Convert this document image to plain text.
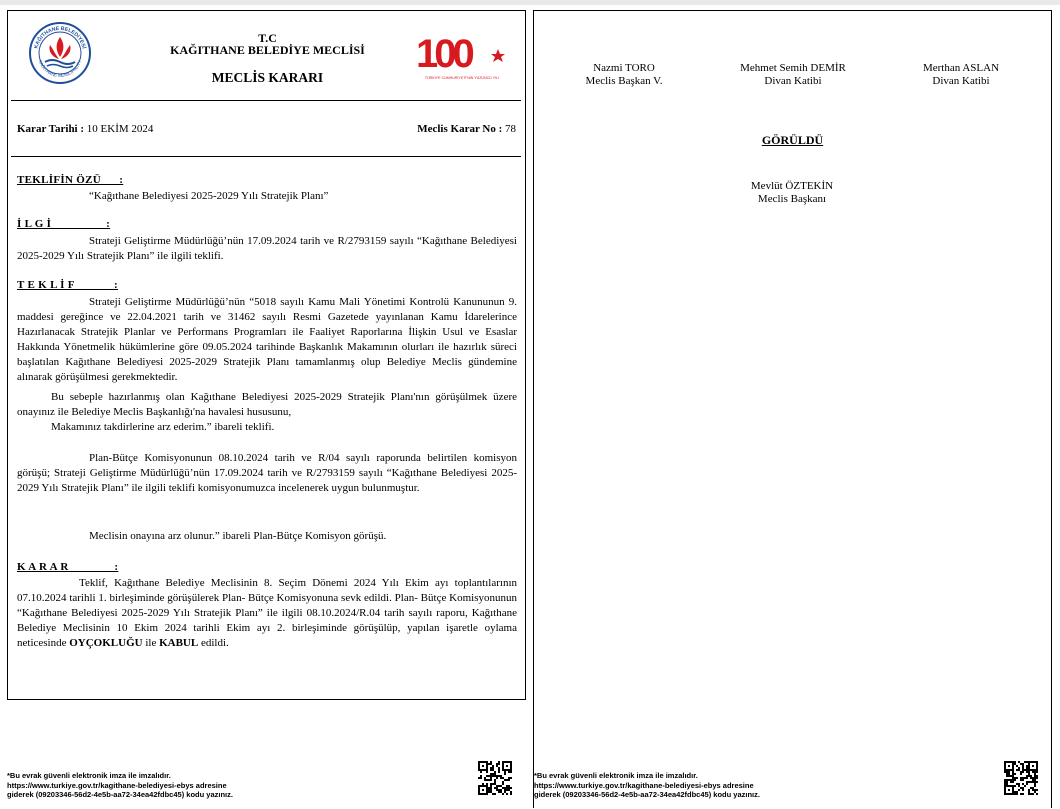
KAĞITHANE BELEDİYESİ
KAĞITHANE MUNICIPALITY
T.C
KAĞITHANE BELEDİYE MECLİSİ
MECLİS KARARI
100
TÜRKİYE CUMHURİYETİ'NİN YÜZÜNCÜ YILI
Karar Tarihi : 10 EKİM 2024	Meclis Karar No : 78
TEKLİFİN ÖZÜ      :

“Kağıthane Belediyesi 2025-2029 Yılı Stratejik Planı”

İ L G İ                  :

Strateji Geliştirme Müdürlüğü’nün 17.09.2024 tarih ve R/2793159 sayılı “Kağıthane Belediyesi 2025-2029 Yılı Stratejik Planı” ile ilgili teklifi.

T E K L İ F             :

Strateji Geliştirme Müdürlüğü’nün “5018 sayılı Kamu Mali Yönetimi Kontrolü Kanununun 9. maddesi gereğince ve 22.04.2021 tarih ve 31462 sayılı Resmi Gazetede yayınlanan Kamu İdarelerince Hazırlanacak Stratejik Planlar ve Performans Programları ile Faaliyet Raporlarına İlişkin Usul ve Esaslar Hakkında Yönetmelik hükümlerine göre 09.05.2024 tarihinde Başkanlık Makamının olurları ile hazırlık süreci başlatılan Kağıthane Belediyesi 2025-2029 Stratejik Planı tamamlanmış olup Belediye Meclis gündemine alınarak görüşülmesi gerekmektedir.

Bu sebeple hazırlanmış olan Kağıthane Belediyesi 2025-2029 Stratejik Planı'nın görüşülmek üzere onayınız ile Belediye Meclis Başkanlığı'na havalesi hususunu,

Makamınız takdirlerine arz ederim.” ibareli teklifi.

Plan-Bütçe Komisyonunun 08.10.2024 tarih ve R/04 sayılı raporunda belirtilen komisyon görüşü; Strateji Geliştirme Müdürlüğü’nün 17.09.2024 tarih ve R/2793159 sayılı “Kağıthane Belediyesi 2025-2029 Yılı Stratejik Planı” ile ilgili teklifi komisyonumuzca incelenerek uygun bulunmuştur.

Meclisin onayına arz olunur.” ibareli Plan-Bütçe Komisyon görüşü.

K A R A R               :

Teklif, Kağıthane Belediye Meclisinin 8. Seçim Dönemi 2024 Yılı Ekim ayı toplantılarının 07.10.2024 tarihli 1. birleşiminde görüşülerek Plan- Bütçe Komisyonuna sevk edildi. Plan- Bütçe Komisyonunun “Kağıthane Belediyesi 2025-2029 Yılı Stratejik Planı” ile ilgili 08.10.2024/R.04 tarih sayılı raporu, Kağıthane Belediye Meclisinin 10 Ekim 2024 tarihli Ekim ayı 2. birleşiminde görüşülüp, yapılan işaretle oylama neticesinde OYÇOKLUĞU ile KABUL edildi.

Nazmi TORO
Meclis Başkan V.
Mehmet Semih DEMİR
Divan Katibi
Merthan ASLAN
Divan Katibi
GÖRÜLDÜ
Mevlüt ÖZTEKİN
Meclis Başkanı
*Bu evrak güvenli elektronik imza ile imzalıdır.
https://www.turkiye.gov.tr/kagithane-belediyesi-ebys adresine
giderek (09203346-56d2-4e5b-aa72-34ea42fdbc45) kodu yazınız.
*Bu evrak güvenli elektronik imza ile imzalıdır.
https://www.turkiye.gov.tr/kagithane-belediyesi-ebys adresine
giderek (09203346-56d2-4e5b-aa72-34ea42fdbc45) kodu yazınız.
